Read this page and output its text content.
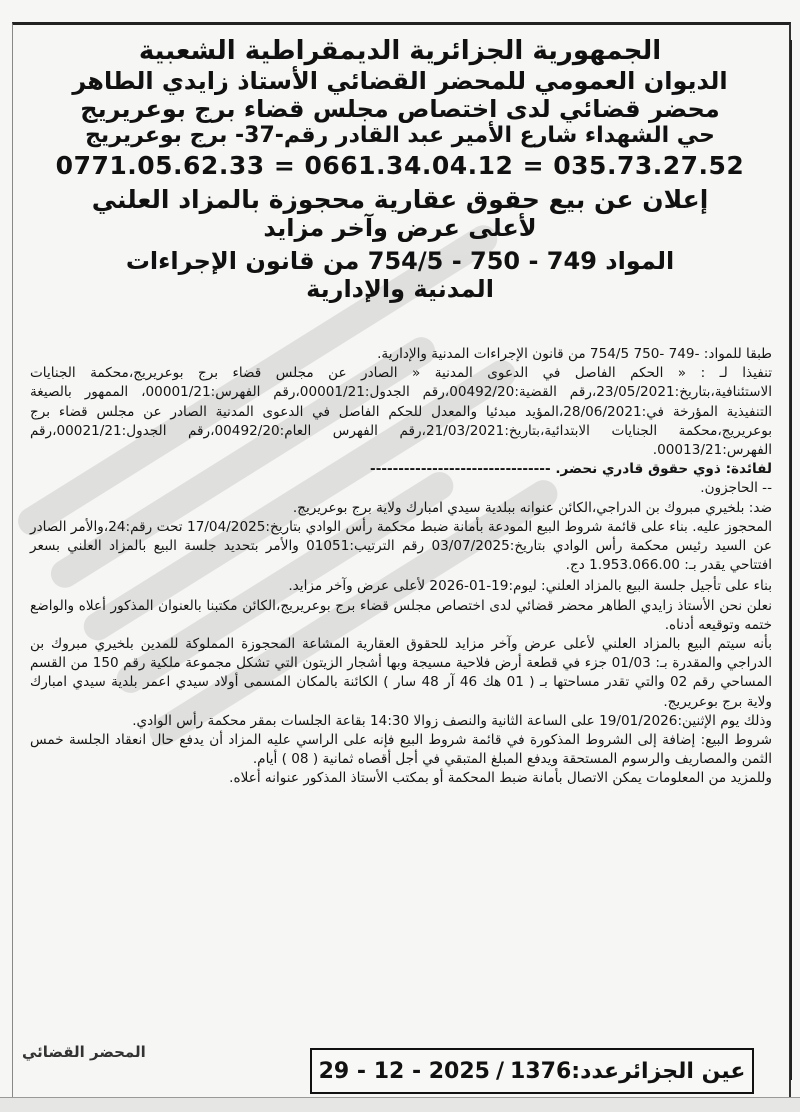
الجمهورية الجزائرية الديمقراطية الشعبية
الديوان العمومي للمحضر القضائي الأستاذ زايدي الطاهر
محضر قضائي لدى اختصاص مجلس قضاء برج بوعريريج
حي الشهداء شارع الأمير عبد القادر رقم-37- برج بوعريريج
0771.05.62.33 = 0661.34.04.12 = 035.73.27.52
إعلان عن بيع حقوق عقارية محجوزة بالمزاد العلني
لأعلى عرض وآخر مزايد
المواد 749 - 750 - 754/5 من قانون الإجراءات
المدنية والإدارية

طبقا للمواد: -749 -750 754/5 من قانون الإجراءات المدنية والإدارية.

تنفيذا لـ : « الحكم الفاصل في الدعوى المدنية « الصادر عن مجلس قضاء برج بوعريريج،محكمة الجنايات الاستئنافية،بتاريخ:23/05/2021،رقم القضية:00492/20،رقم الجدول:00001/21،رقم الفهرس:00001/21، الممهور بالصيغة التنفيذية المؤرخة في:28/06/2021،المؤيد مبدئيا والمعدل للحكم الفاصل في الدعوى المدنية الصادر عن مجلس قضاء برج بوعريريج،محكمة الجنايات الابتدائية،بتاريخ:21/03/2021،رقم الفهرس العام:00492/20،رقم الجدول:00021/21،رقم الفهرس:00013/21.

لفائدة: ذوي حقوق قادري نحضر. --------------------------------

-- الحاجزون.

ضد: بلخيري مبروك بن الدراجي،الكائن عنوانه ببلدية سيدي امبارك ولاية برج بوعريريج.

المحجوز عليه. بناء على قائمة شروط البيع المودعة بأمانة ضبط محكمة رأس الوادي بتاريخ:17/04/2025 تحت رقم:24،والأمر الصادر عن السيد رئيس محكمة رأس الوادي بتاريخ:03/07/2025 رقم الترتيب:01051 والأمر بتحديد جلسة البيع بالمزاد العلني بسعر افتتاحي يقدر بـ: 1.953.066.00 دج.

بناء على تأجيل جلسة البيع بالمزاد العلني: ليوم:19-01-2026 لأعلى عرض وآخر مزايد.

نعلن نحن الأستاذ زايدي الطاهر محضر قضائي لدى اختصاص مجلس قضاء برج بوعريريج،الكائن مكتبنا بالعنوان المذكور أعلاه والواضع ختمه وتوقيعه أدناه.

بأنه سيتم البيع بالمزاد العلني لأعلى عرض وآخر مزايد للحقوق العقارية المشاعة المحجوزة المملوكة للمدين بلخيري مبروك بن الدراجي والمقدرة بـ: 01/03 جزء في قطعة أرض فلاحية مسيجة وبها أشجار الزيتون التي تشكل مجموعة ملكية رقم 150 من القسم المساحي رقم 02 والتي تقدر مساحتها بـ ( 01 هك 46 آر 48 سار ) الكائنة بالمكان المسمى أولاد سيدي اعمر بلدية سيدي امبارك ولاية برج بوعريريج.

وذلك يوم الإثنين:19/01/2026 على الساعة الثانية والنصف زوالا 14:30 بقاعة الجلسات بمقر محكمة رأس الوادي.

شروط البيع: إضافة إلى الشروط المذكورة في قائمة شروط البيع فإنه على الراسي عليه المزاد أن يدفع حال انعقاد الجلسة خمس الثمن والمصاريف والرسوم المستحقة ويدفع المبلغ المتبقي في أجل أقصاه ثمانية ( 08 ) أيام.

وللمزيد من المعلومات يمكن الاتصال بأمانة ضبط المحكمة أو بمكتب الأستاذ المذكور عنوانه أعلاه.

المحضر القضائي
عين الجزائر
عدد:
1376
/
29 - 12 - 2025
